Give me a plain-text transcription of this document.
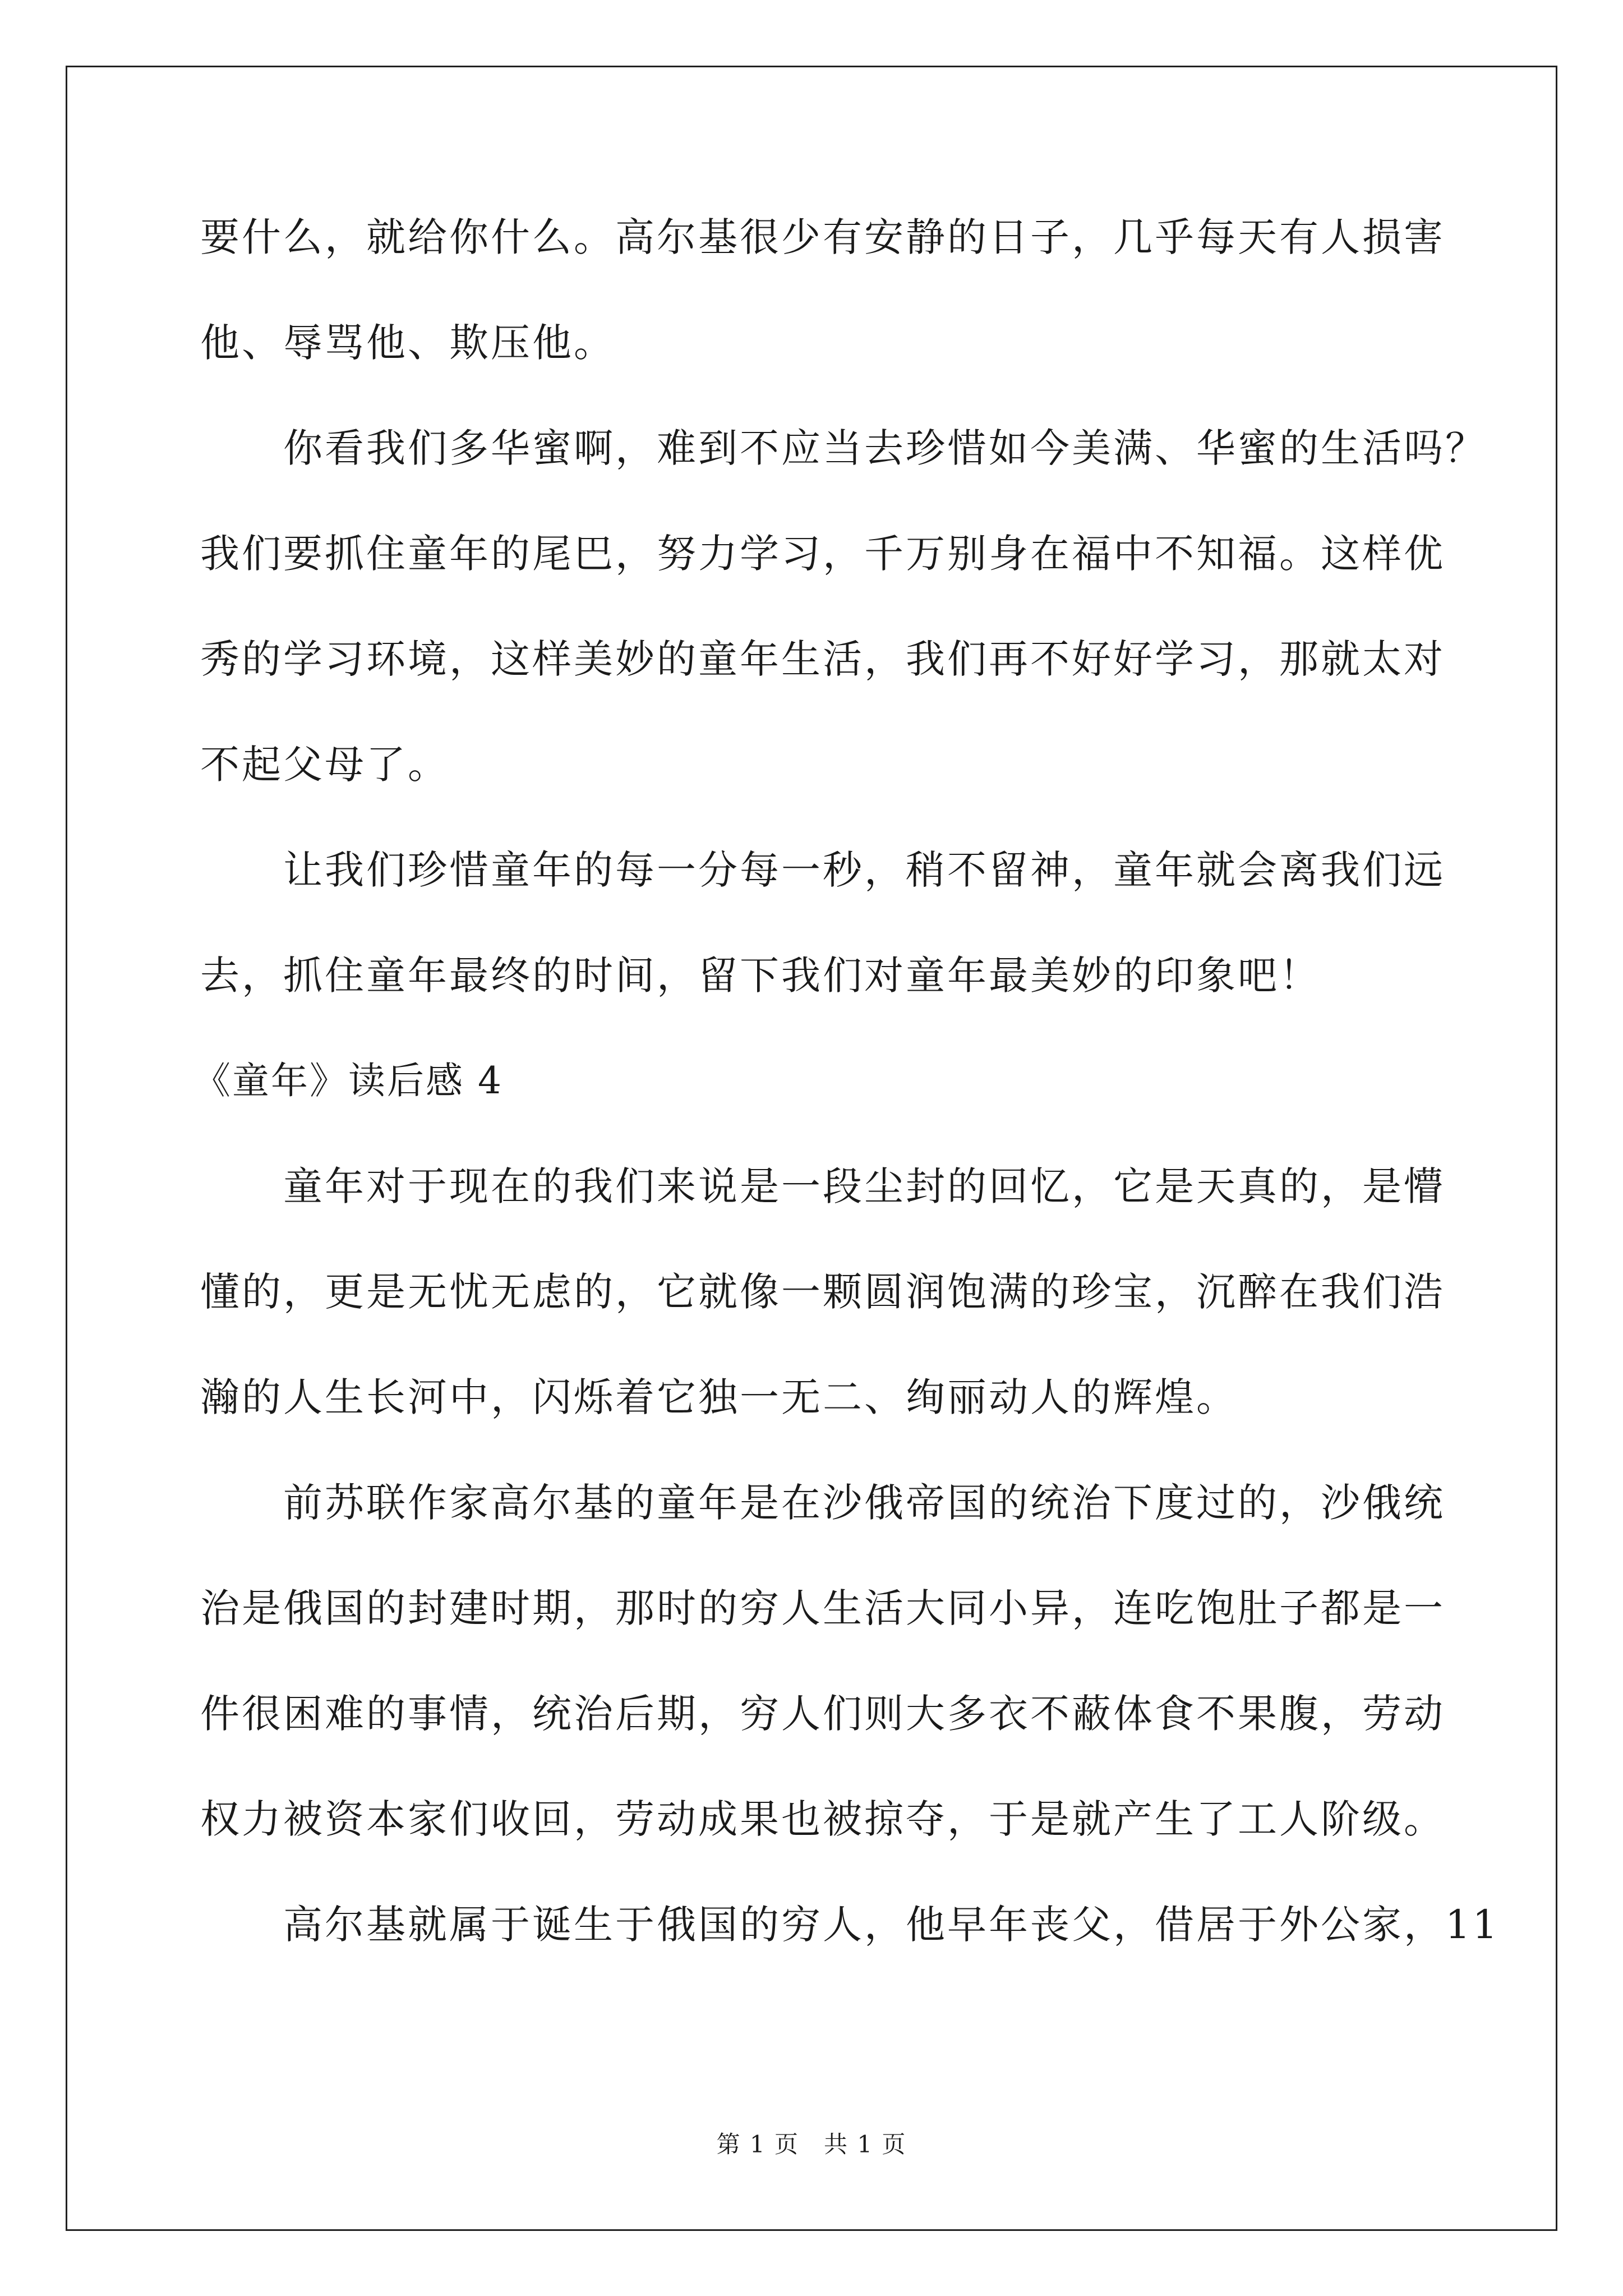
要什么，就给你什么。高尔基很少有安静的日子，几乎每天有人损害
他、辱骂他、欺压他。
你看我们多华蜜啊，难到不应当去珍惜如今美满、华蜜的生活吗？
我们要抓住童年的尾巴，努力学习，千万别身在福中不知福。这样优
秀的学习环境，这样美妙的童年生活，我们再不好好学习，那就太对
不起父母了。
让我们珍惜童年的每一分每一秒，稍不留神，童年就会离我们远
去，抓住童年最终的时间，留下我们对童年最美妙的印象吧！
《童年》读后感 4
童年对于现在的我们来说是一段尘封的回忆，它是天真的，是懵
懂的，更是无忧无虑的，它就像一颗圆润饱满的珍宝，沉醉在我们浩
瀚的人生长河中，闪烁着它独一无二、绚丽动人的辉煌。
前苏联作家高尔基的童年是在沙俄帝国的统治下度过的，沙俄统
治是俄国的封建时期，那时的穷人生活大同小异，连吃饱肚子都是一
件很困难的事情，统治后期，穷人们则大多衣不蔽体食不果腹，劳动
权力被资本家们收回，劳动成果也被掠夺，于是就产生了工人阶级。
高尔基就属于诞生于俄国的穷人，他早年丧父，借居于外公家，11
第 1 页　共 1 页
